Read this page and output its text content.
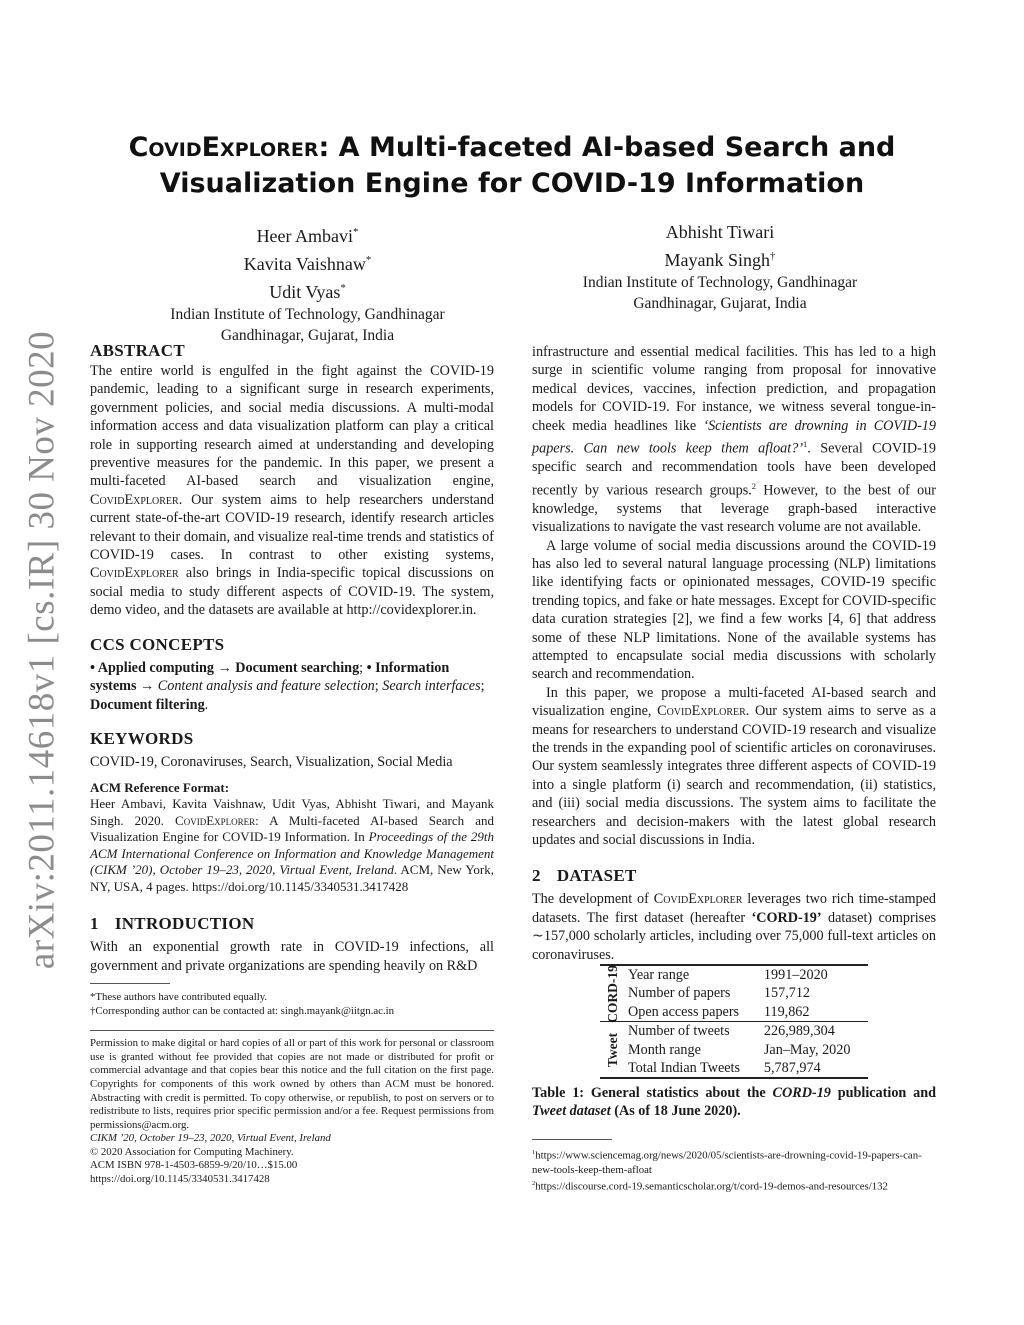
arXiv:2011.14618v1 [cs.IR] 30 Nov 2020
CovidExplorer: A Multi-faceted AI-based Search and
Visualization Engine for COVID-19 Information
Heer Ambavi*
Kavita Vaishnaw*
Udit Vyas*
Indian Institute of Technology, Gandhinagar
Gandhinagar, Gujarat, India
Abhisht Tiwari
Mayank Singh†
Indian Institute of Technology, Gandhinagar
Gandhinagar, Gujarat, India
ABSTRACT

The entire world is engulfed in the fight against the COVID-19 pandemic, leading to a significant surge in research experiments, government policies, and social media discussions. A multi-modal information access and data visualization platform can play a critical role in supporting research aimed at understanding and developing preventive measures for the pandemic. In this paper, we present a multi-faceted AI-based search and visualization engine, CovidExplorer. Our system aims to help researchers understand current state-of-the-art COVID-19 research, identify research articles relevant to their domain, and visualize real-time trends and statistics of COVID-19 cases. In contrast to other existing systems, CovidExplorer also brings in India-specific topical discussions on social media to study different aspects of COVID-19. The system, demo video, and the datasets are available at http://covidexplorer.in.

CCS CONCEPTS

• Applied computing → Document searching; • Information systems → Content analysis and feature selection; Search interfaces; Document filtering.

KEYWORDS

COVID-19, Coronaviruses, Search, Visualization, Social Media

ACM Reference Format:
Heer Ambavi, Kavita Vaishnaw, Udit Vyas, Abhisht Tiwari, and Mayank Singh. 2020. CovidExplorer: A Multi-faceted AI-based Search and Visualization Engine for COVID-19 Information. In Proceedings of the 29th ACM International Conference on Information and Knowledge Management (CIKM ’20), October 19–23, 2020, Virtual Event, Ireland. ACM, New York, NY, USA, 4 pages. https://doi.org/10.1145/3340531.3417428
1 INTRODUCTION

With an exponential growth rate in COVID-19 infections, all government and private organizations are spending heavily on R&D

*These authors have contributed equally.
†Corresponding author can be contacted at: singh.mayank@iitgn.ac.in
Permission to make digital or hard copies of all or part of this work for personal or classroom use is granted without fee provided that copies are not made or distributed for profit or commercial advantage and that copies bear this notice and the full citation on the first page. Copyrights for components of this work owned by others than ACM must be honored. Abstracting with credit is permitted. To copy otherwise, or republish, to post on servers or to redistribute to lists, requires prior specific permission and/or a fee. Request permissions from permissions@acm.org.
CIKM ’20, October 19–23, 2020, Virtual Event, Ireland
© 2020 Association for Computing Machinery.
ACM ISBN 978-1-4503-6859-9/20/10…$15.00
https://doi.org/10.1145/3340531.3417428

infrastructure and essential medical facilities. This has led to a high surge in scientific volume ranging from proposal for innovative medical devices, vaccines, infection prediction, and propagation models for COVID-19. For instance, we witness several tongue-in-cheek media headlines like ‘Scientists are drowning in COVID-19 papers. Can new tools keep them afloat?’$^1$. Several COVID-19 specific search and recommendation tools have been developed recently by various research groups.$^2$ However, to the best of our knowledge, systems that leverage graph-based interactive visualizations to navigate the vast research volume are not available.

A large volume of social media discussions around the COVID-19 has also led to several natural language processing (NLP) limitations like identifying facts or opinionated messages, COVID-19 specific trending topics, and fake or hate messages. Except for COVID-specific data curation strategies [2], we find a few works [4, 6] that address some of these NLP limitations. None of the available systems has attempted to encapsulate social media discussions with scholarly search and recommendation.

In this paper, we propose a multi-faceted AI-based search and visualization engine, CovidExplorer. Our system aims to serve as a means for researchers to understand COVID-19 research and visualize the trends in the expanding pool of scientific articles on coronaviruses. Our system seamlessly integrates three different aspects of COVID-19 into a single platform (i) search and recommendation, (ii) statistics, and (iii) social media discussions. The system aims to facilitate the researchers and decision-makers with the latest global research updates and social discussions in India.

2 DATASET

The development of CovidExplorer leverages two rich time-stamped datasets. The first dataset (hereafter ‘CORD-19’ dataset) comprises ∼157,000 scholarly articles, including over 75,000 full-text articles on coronaviruses.

CORD-19	Year range	1991–2020
	Number of papers	157,712
	Open access papers	119,862

Tweet	Number of tweets	226,989,304
	Month range	Jan–May, 2020
	Total Indian Tweets	5,787,974
Table 1: General statistics about the CORD-19 publication and Tweet dataset (As of 18 June 2020).
$^1$https://www.sciencemag.org/news/2020/05/scientists-are-drowning-covid-19-papers-can-new-tools-keep-them-afloat
$^2$https://discourse.cord-19.semanticscholar.org/t/cord-19-demos-and-resources/132
